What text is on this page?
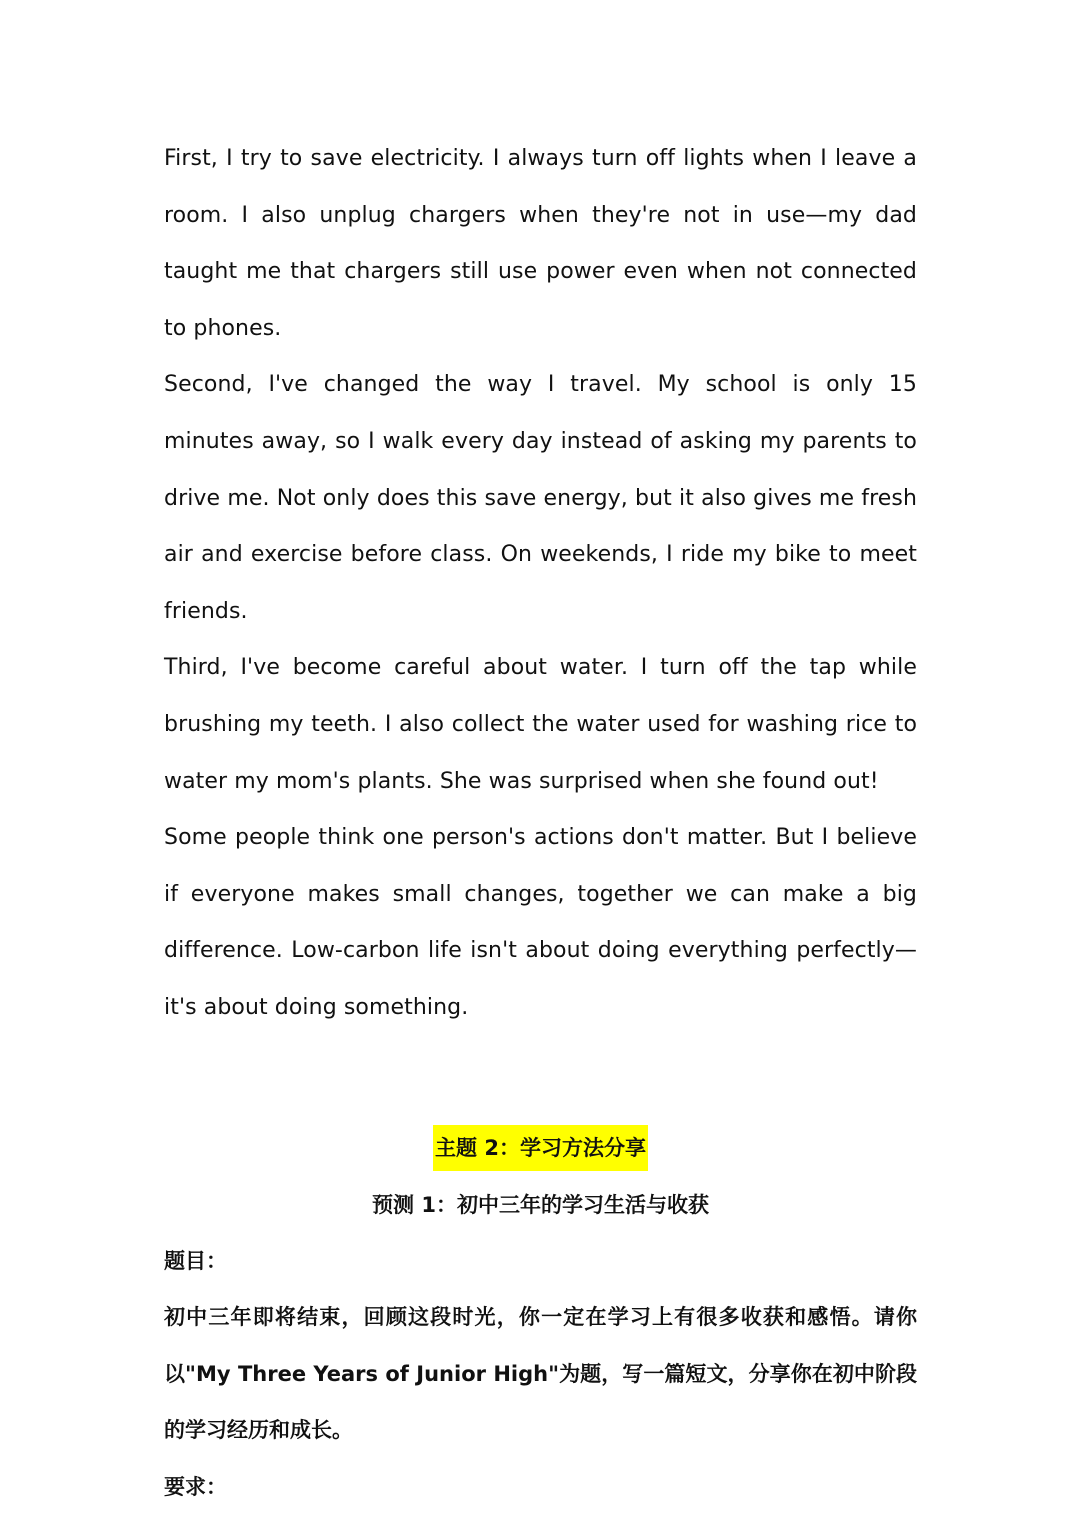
First, I try to save electricity. I always turn off lights when I leave a room. I also unplug chargers when they're not in use—my dad taught me that chargers still use power even when not connected to phones.

Second, I've changed the way I travel. My school is only 15 minutes away, so I walk every day instead of asking my parents to drive me. Not only does this save energy, but it also gives me fresh air and exercise before class. On weekends, I ride my bike to meet friends.

Third, I've become careful about water. I turn off the tap while brushing my teeth. I also collect the water used for washing rice to water my mom's plants. She was surprised when she found out!

Some people think one person's actions don't matter. But I believe if everyone makes small changes, together we can make a big difference. Low-carbon life isn't about doing everything perfectly—it's about doing something.

主题 2：学习方法分享

预测 1：初中三年的学习生活与收获

题目：

初中三年即将结束，回顾这段时光，你一定在学习上有很多收获和感悟。请你以"My Three Years of Junior High"为题，写一篇短文，分享你在初中阶段的学习经历和成长。

要求：
